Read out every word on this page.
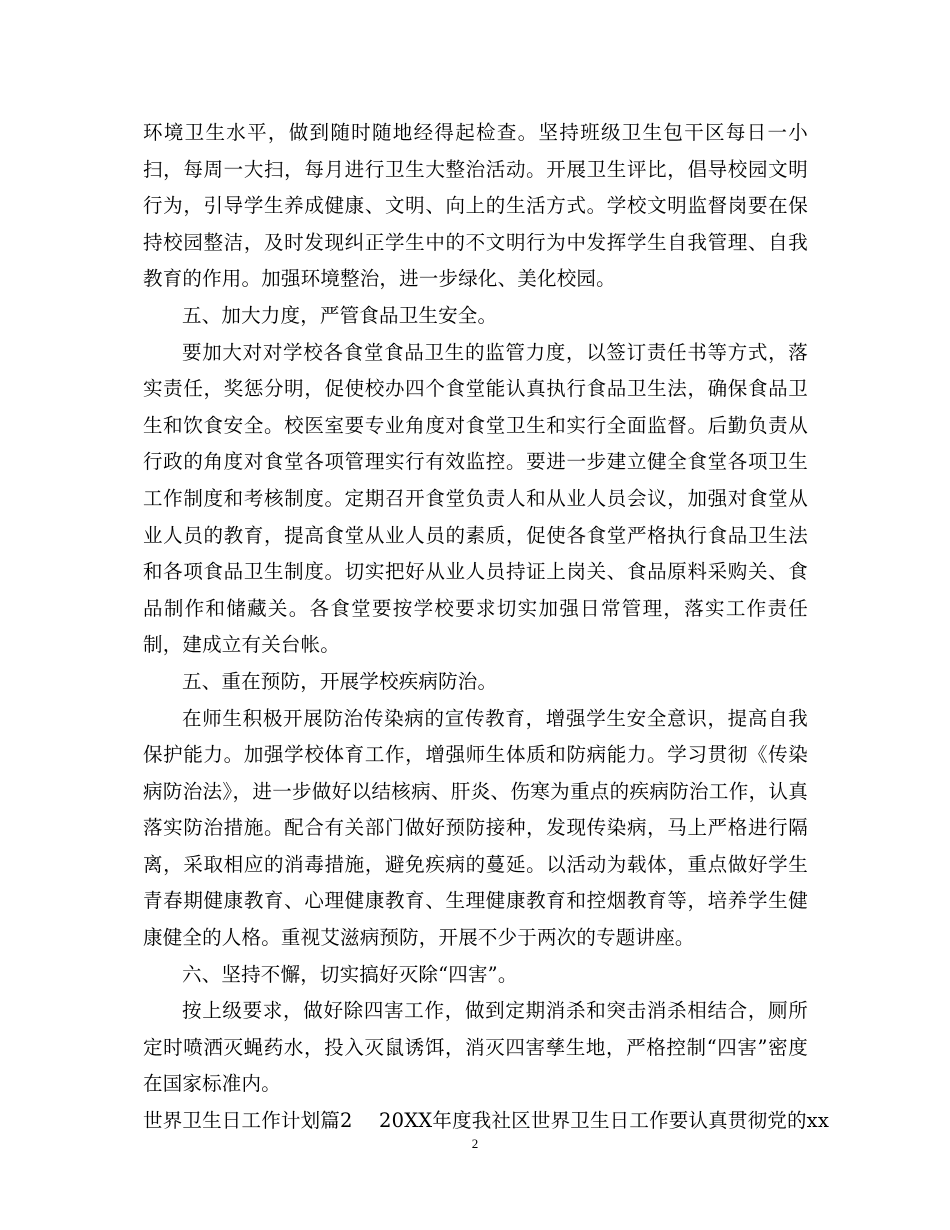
环境卫生水平，做到随时随地经得起检查。坚持班级卫生包干区每日一小扫，每周一大扫，每月进行卫生大整治活动。开展卫生评比，倡导校园文明行为，引导学生养成健康、文明、向上的生活方式。学校文明监督岗要在保持校园整洁，及时发现纠正学生中的不文明行为中发挥学生自我管理、自我教育的作用。加强环境整治，进一步绿化、美化校园。

五、加大力度，严管食品卫生安全。

要加大对对学校各食堂食品卫生的监管力度，以签订责任书等方式，落实责任，奖惩分明，促使校办四个食堂能认真执行食品卫生法，确保食品卫生和饮食安全。校医室要专业角度对食堂卫生和实行全面监督。后勤负责从行政的角度对食堂各项管理实行有效监控。要进一步建立健全食堂各项卫生工作制度和考核制度。定期召开食堂负责人和从业人员会议，加强对食堂从业人员的教育，提高食堂从业人员的素质，促使各食堂严格执行食品卫生法和各项食品卫生制度。切实把好从业人员持证上岗关、食品原料采购关、食品制作和储藏关。各食堂要按学校要求切实加强日常管理，落实工作责任制，建成立有关台帐。

五、重在预防，开展学校疾病防治。

在师生积极开展防治传染病的宣传教育，增强学生安全意识，提高自我保护能力。加强学校体育工作，增强师生体质和防病能力。学习贯彻《传染病防治法》，进一步做好以结核病、肝炎、伤寒为重点的疾病防治工作，认真落实防治措施。配合有关部门做好预防接种，发现传染病，马上严格进行隔离，采取相应的消毒措施，避免疾病的蔓延。以活动为载体，重点做好学生青春期健康教育、心理健康教育、生理健康教育和控烟教育等，培养学生健康健全的人格。重视艾滋病预防，开展不少于两次的专题讲座。

六、坚持不懈，切实搞好灭除“四害”。

按上级要求，做好除四害工作，做到定期消杀和突击消杀相结合，厕所定时喷洒灭蝇药水，投入灭鼠诱饵，消灭四害孳生地，严格控制“四害”密度在国家标准内。

世界卫生日工作计划篇2 20XX年度我社区世界卫生日工作要认真贯彻党的xx

2
